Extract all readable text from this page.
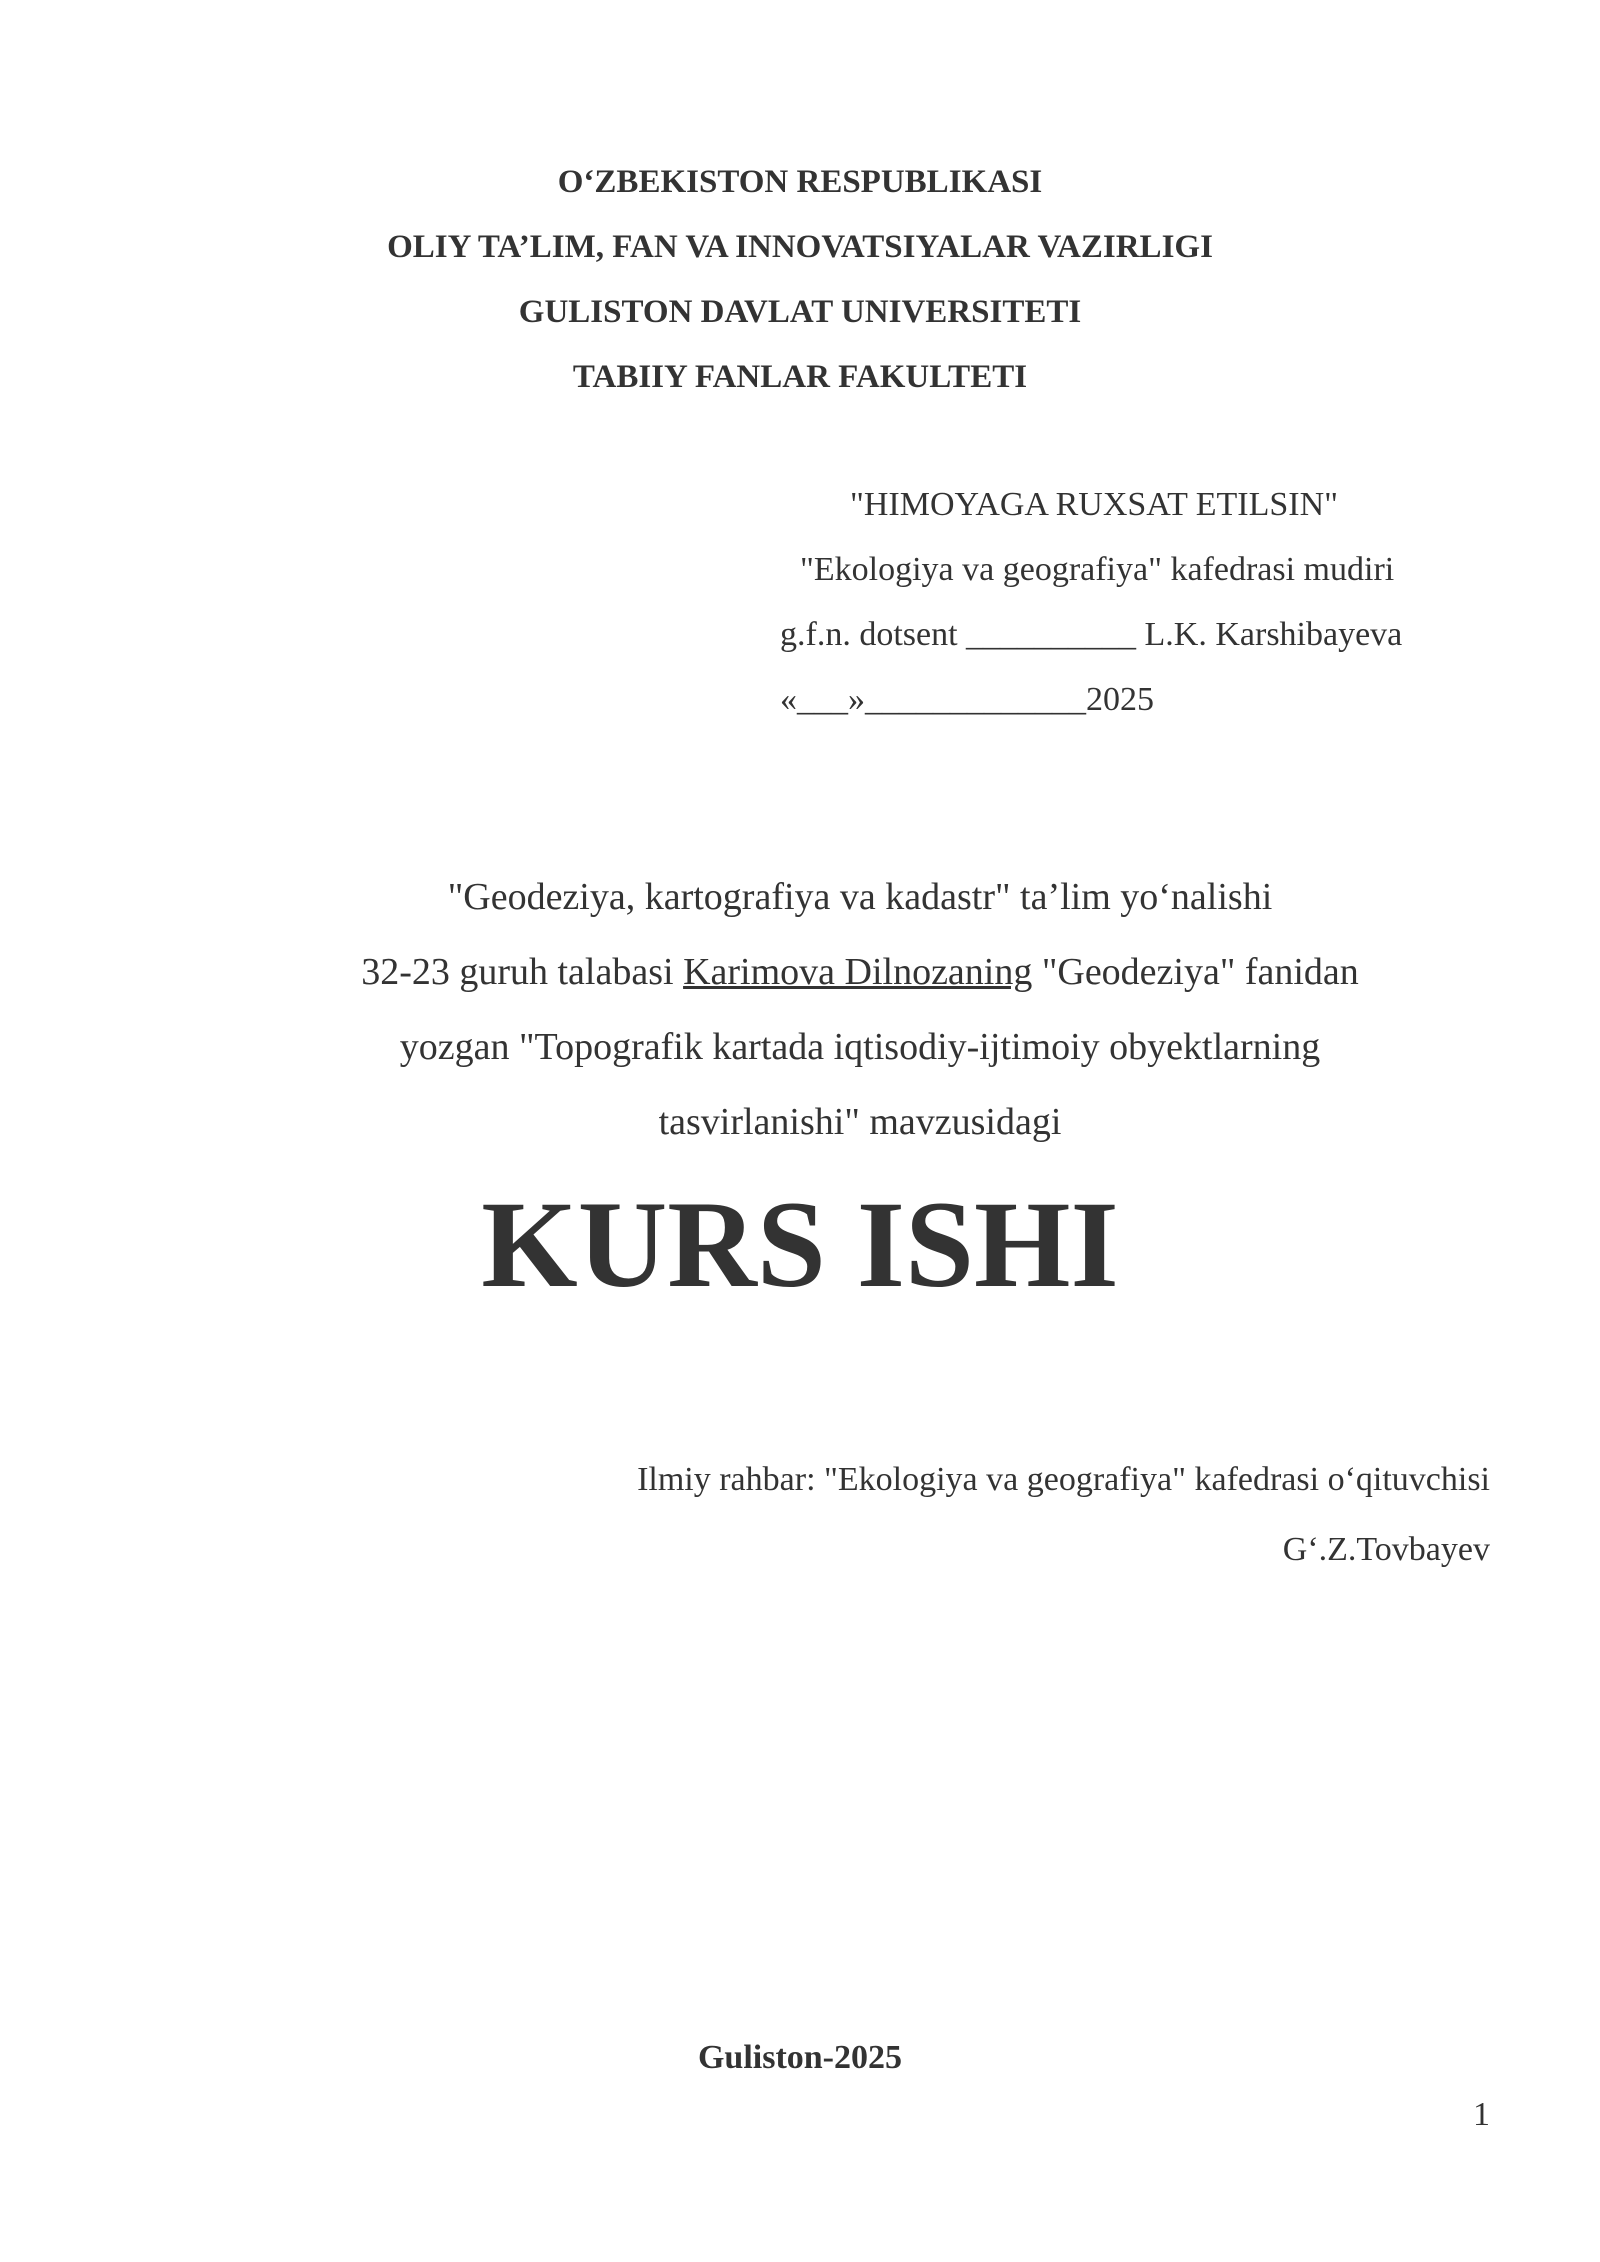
O‘ZBEKISTON RESPUBLIKASI
OLIY TA’LIM, FAN VA INNOVATSIYALAR VAZIRLIGI
GULISTON DAVLAT UNIVERSITETI
TABIIY FANLAR FAKULTETI
"HIMOYAGA RUXSAT ETILSIN"
"Ekologiya va geografiya" kafedrasi mudiri
g.f.n. dotsent __________ L.K. Karshibayeva
«___»_____________2025
"Geodeziya, kartografiya va kadastr" ta’lim yo‘nalishi
32-23 guruh talabasi Karimova Dilnozaning "Geodeziya" fanidan
yozgan "Topografik kartada iqtisodiy-ijtimoiy obyektlarning
tasvirlanishi" mavzusidagi
KURS ISHI
Ilmiy rahbar: "Ekologiya va geografiya" kafedrasi o‘qituvchisi
G‘.Z.Tovbayev
Guliston-2025
1
